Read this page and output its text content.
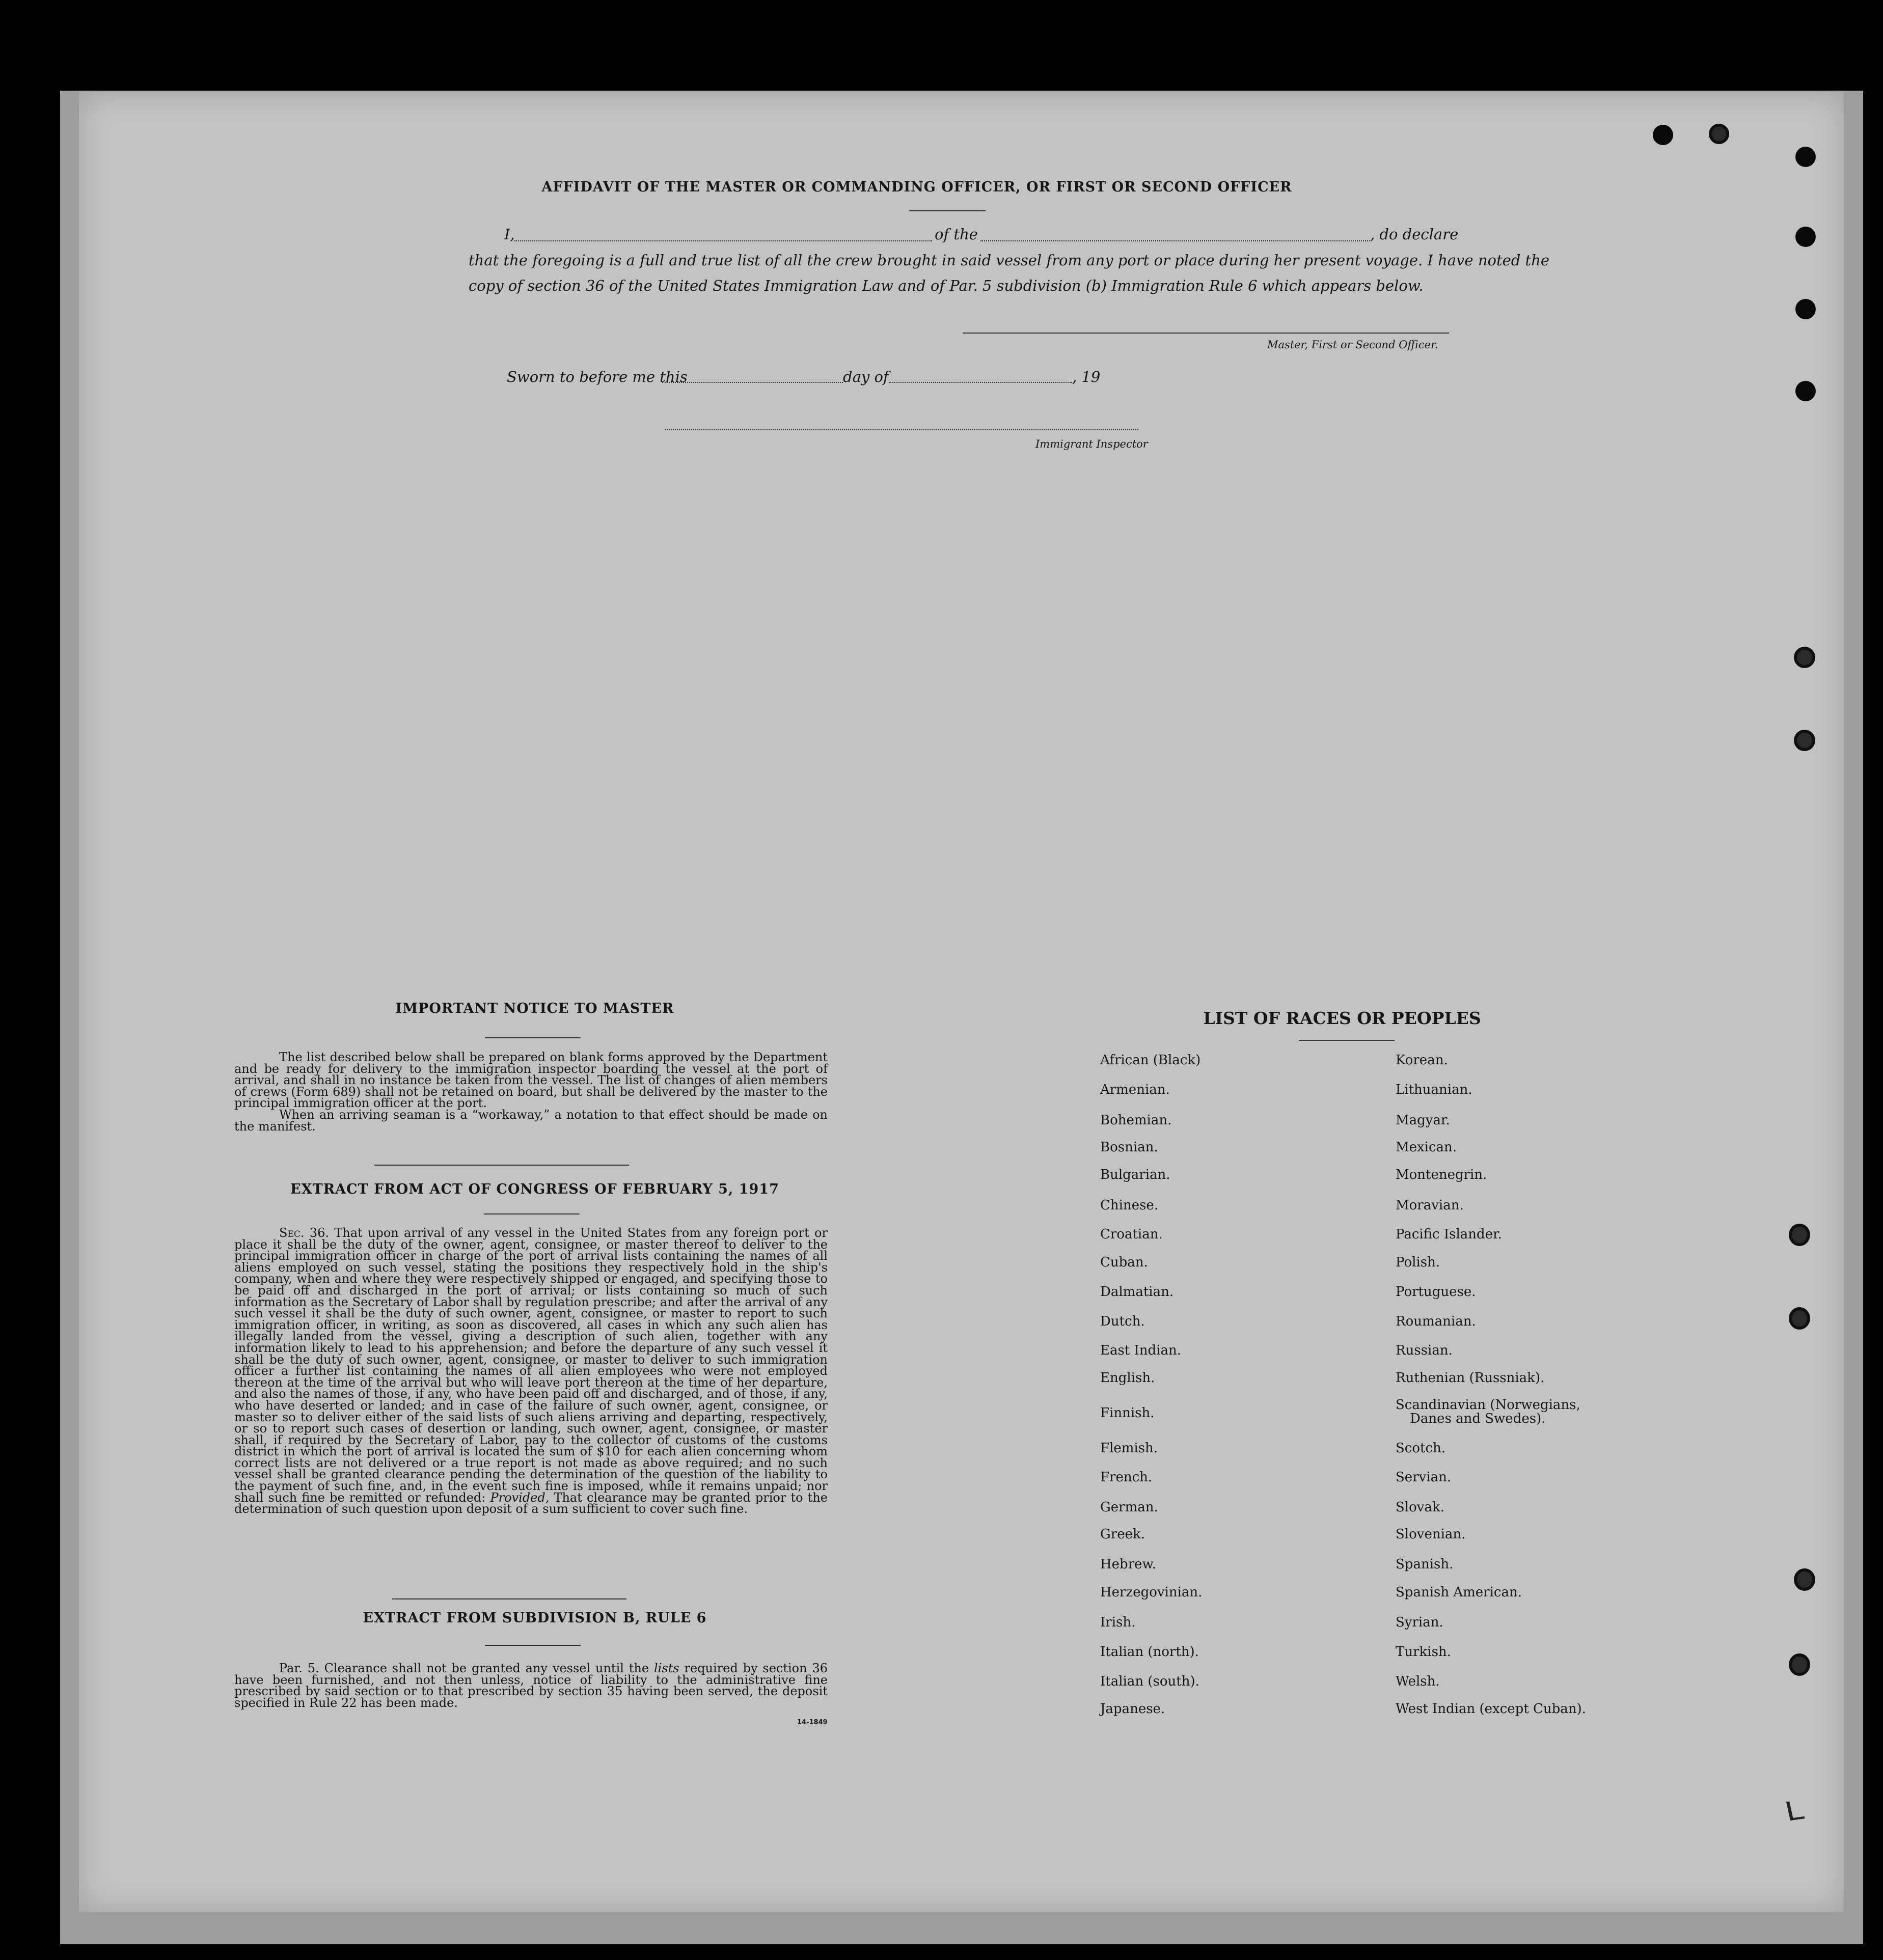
AFFIDAVIT OF THE MASTER OR COMMANDING OFFICER, OR FIRST OR SECOND OFFICER
I,	of the	, do declare
that the foregoing is a full and true list of all the crew brought in said vessel from any port or place during her present voyage. I have noted the
copy of section 36 of the United States Immigration Law and of Par. 5 subdivision (b) Immigration Rule 6 which appears below.
Master, First or Second Officer.
Sworn to before me this	day of	, 19
Immigrant Inspector
IMPORTANT NOTICE TO MASTER

The list described below shall be prepared on blank forms approved by the Department and be ready for delivery to the immigration inspector boarding the vessel at the port of arrival, and shall in no instance be taken from the vessel. The list of changes of alien members of crews (Form 689) shall not be retained on board, but shall be delivered by the master to the principal immigration officer at the port.

When an arriving seaman is a “workaway,” a notation to that effect should be made on the manifest.

EXTRACT FROM ACT OF CONGRESS OF FEBRUARY 5, 1917

Sec. 36. That upon arrival of any vessel in the United States from any foreign port or place it shall be the duty of the owner, agent, consignee, or master thereof to deliver to the principal immigration officer in charge of the port of arrival lists containing the names of all aliens employed on such vessel, stating the positions they respectively hold in the ship's company, when and where they were respectively shipped or engaged, and specifying those to be paid off and discharged in the port of arrival; or lists containing so much of such information as the Secretary of Labor shall by regulation prescribe; and after the arrival of any such vessel it shall be the duty of such owner, agent, consignee, or master to report to such immigration officer, in writing, as soon as discovered, all cases in which any such alien has illegally landed from the vessel, giving a description of such alien, together with any information likely to lead to his apprehension; and before the departure of any such vessel it shall be the duty of such owner, agent, consignee, or master to deliver to such immigration officer a further list containing the names of all alien employees who were not employed thereon at the time of the arrival but who will leave port thereon at the time of her departure, and also the names of those, if any, who have been paid off and discharged, and of those, if any, who have deserted or landed; and in case of the failure of such owner, agent, consignee, or master so to deliver either of the said lists of such aliens arriving and departing, respectively, or so to report such cases of desertion or landing, such owner, agent, consignee, or master shall, if required by the Secretary of Labor, pay to the collector of customs of the customs district in which the port of arrival is located the sum of $10 for each alien concerning whom correct lists are not delivered or a true report is not made as above required; and no such vessel shall be granted clearance pending the determination of the question of the liability to the payment of such fine, and, in the event such fine is imposed, while it remains unpaid; nor shall such fine be remitted or refunded: Provided, That clearance may be granted prior to the determination of such question upon deposit of a sum sufficient to cover such fine.

EXTRACT FROM SUBDIVISION B, RULE 6

Par. 5. Clearance shall not be granted any vessel until the lists required by section 36 have been furnished, and not then unless, notice of liability to the administrative fine prescribed by said section or to that prescribed by section 35 having been served, the deposit specified in Rule 22 has been made.

14-1849
LIST OF RACES OR PEOPLES
African (Black)
Armenian.
Bohemian.
Bosnian.
Bulgarian.
Chinese.
Croatian.
Cuban.
Dalmatian.
Dutch.
East Indian.
English.
Finnish.
Flemish.
French.
German.
Greek.
Hebrew.
Herzegovinian.
Irish.
Italian (north).
Italian (south).
Japanese.
Korean.
Lithuanian.
Magyar.
Mexican.
Montenegrin.
Moravian.
Pacific Islander.
Polish.
Portuguese.
Roumanian.
Russian.
Ruthenian (Russniak).
Scandinavian (Norwegians,
Danes and Swedes).
Scotch.
Servian.
Slovak.
Slovenian.
Spanish.
Spanish American.
Syrian.
Turkish.
Welsh.
West Indian (except Cuban).
L
